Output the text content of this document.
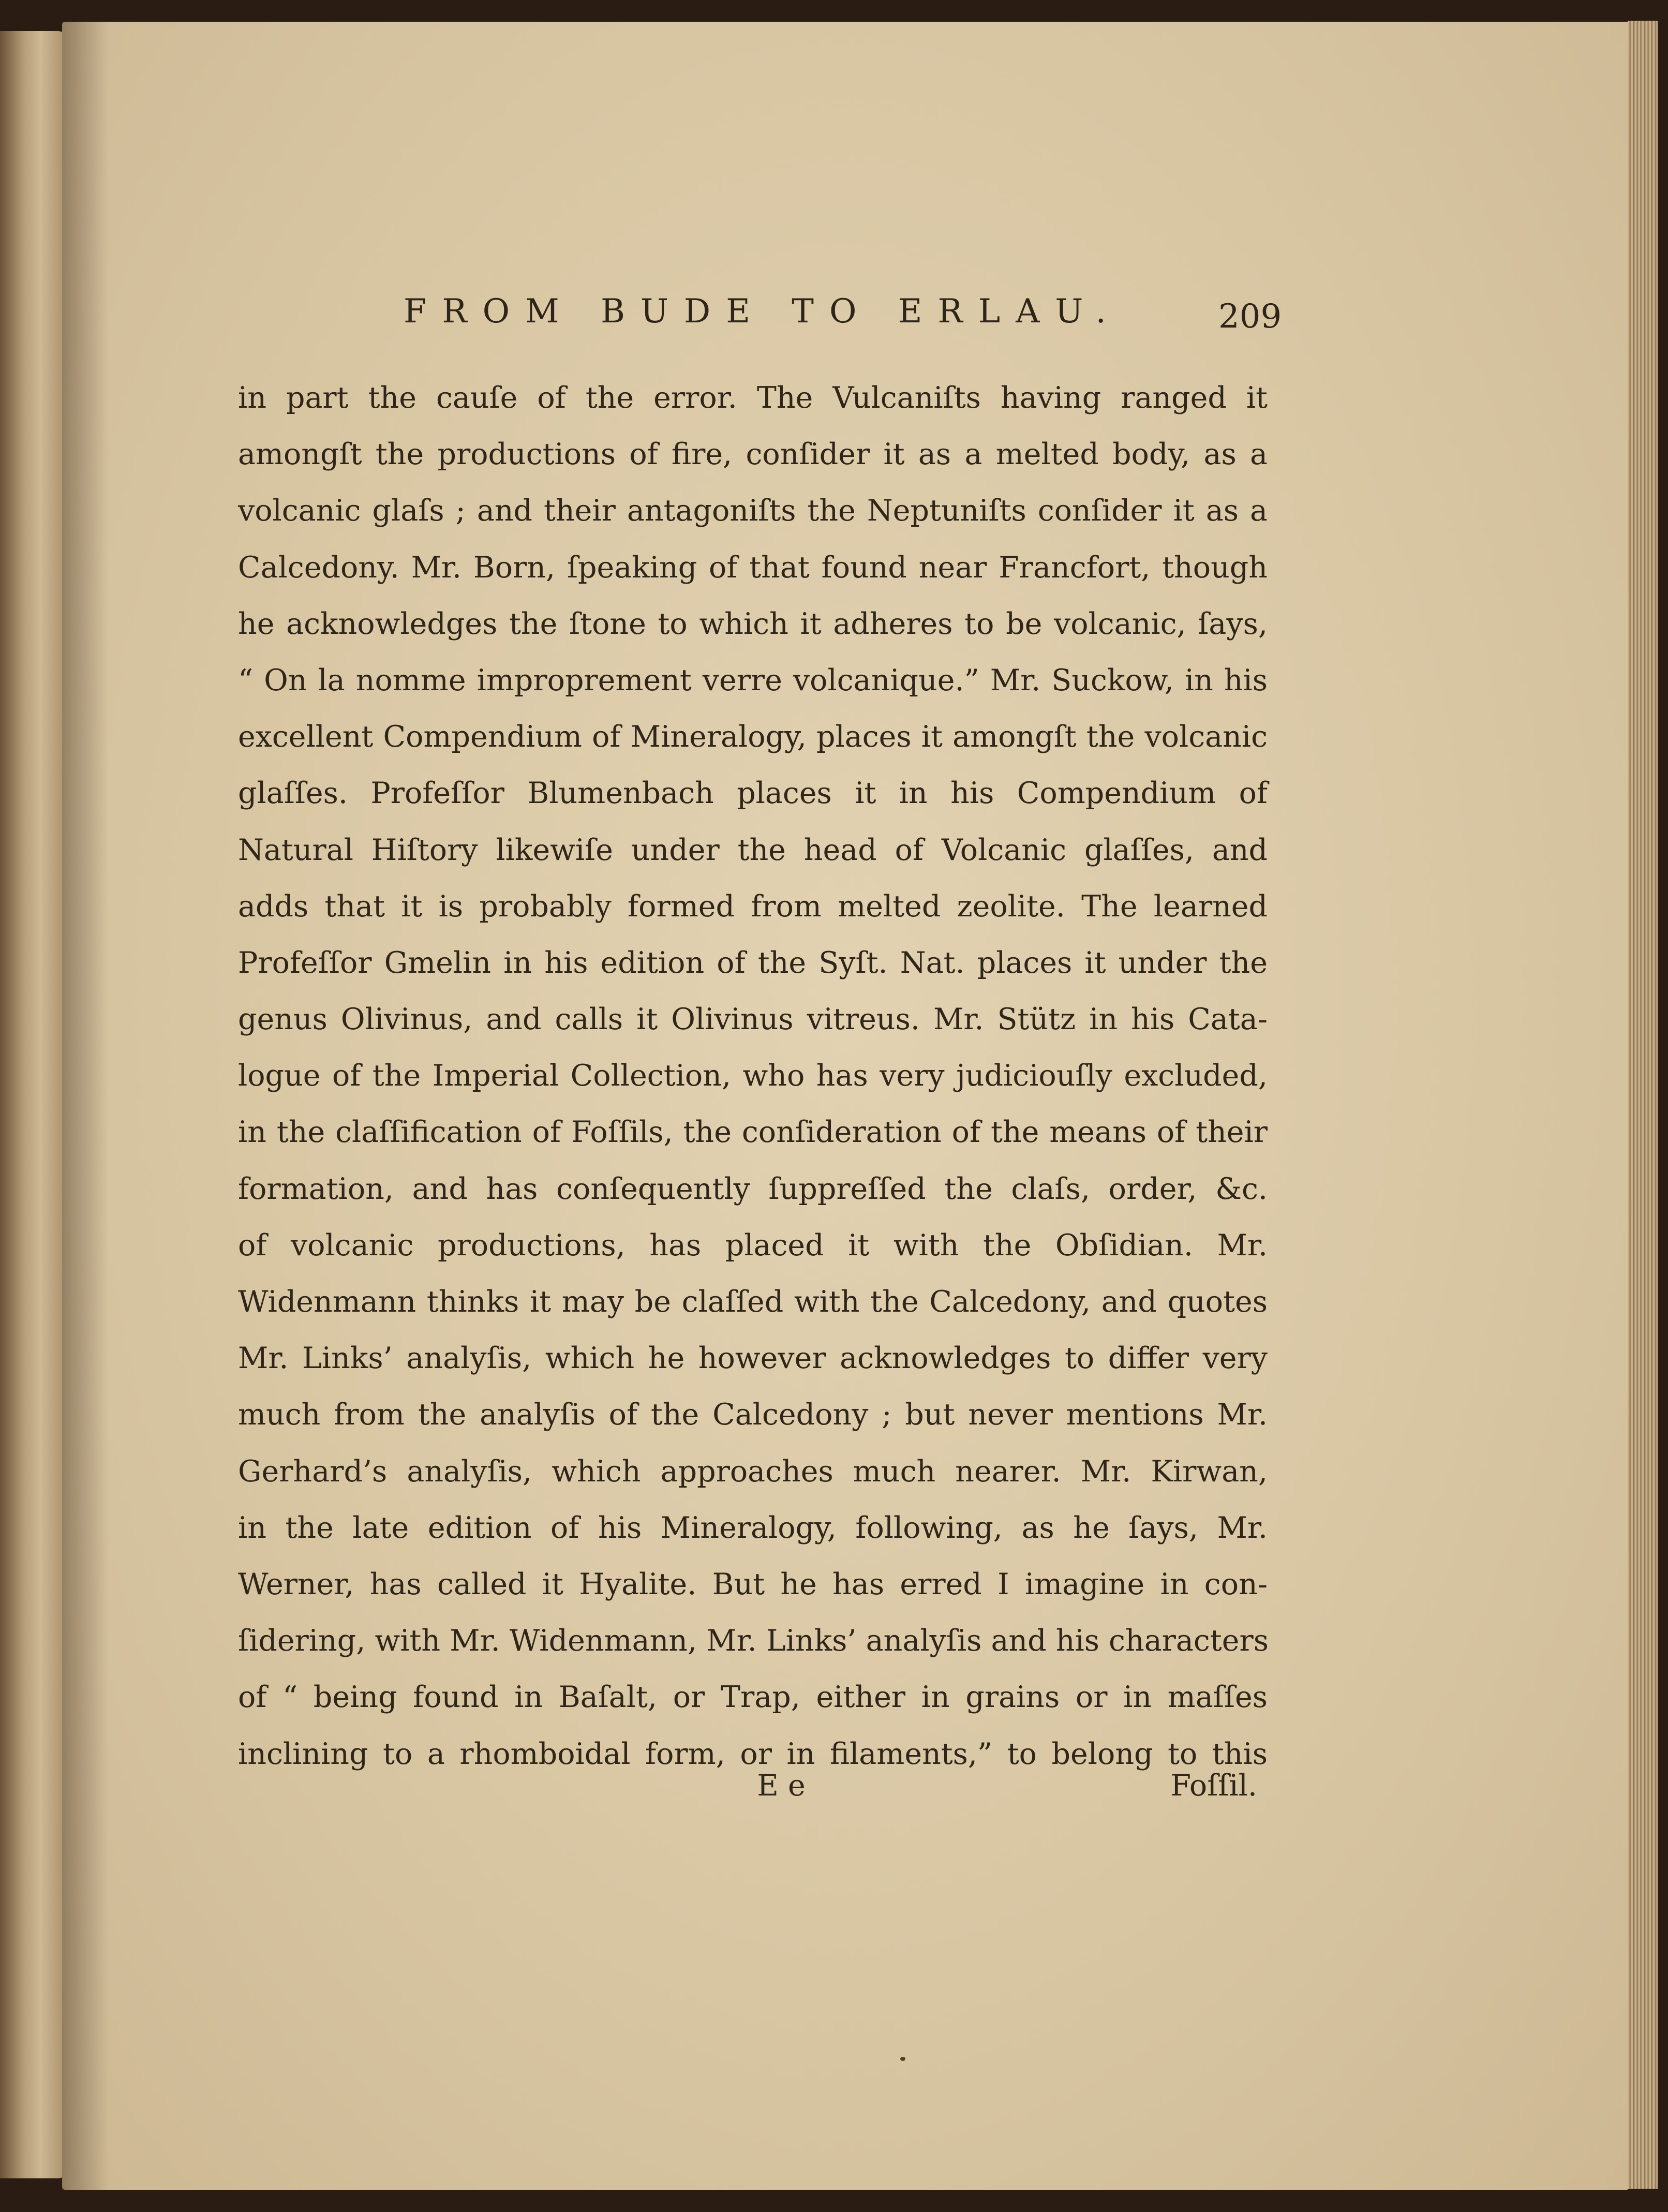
FROM BUDE TO ERLAU.	209
in part the cauſe of the error. The Vulcaniſts having ranged it
amongſt the productions of fire, conſider it as a melted body, as a
volcanic glaſs ; and their antagoniſts the Neptuniſts conſider it as a
Calcedony. Mr. Born, ſpeaking of that found near Francfort, though
he acknowledges the ſtone to which it adheres to be volcanic, ſays,
“ On la nomme improprement verre volcanique.” Mr. Suckow, in his
excellent Compendium of Mineralogy, places it amongſt the volcanic
glaſſes. Profeſſor Blumenbach places it in his Compendium of
Natural Hiſtory likewiſe under the head of Volcanic glaſſes, and
adds that it is probably formed from melted zeolite. The learned
Profeſſor Gmelin in his edition of the Syſt. Nat. places it under the
genus Olivinus, and calls it Olivinus vitreus. Mr. Stütz in his Cata-
logue of the Imperial Collection, who has very judiciouſly excluded,
in the claſſification of Foſſils, the conſideration of the means of their
formation, and has conſequently ſuppreſſed the claſs, order, &c.
of volcanic productions, has placed it with the Obſidian. Mr.
Widenmann thinks it may be claſſed with the Calcedony, and quotes
Mr. Links’ analyſis, which he however acknowledges to differ very
much from the analyſis of the Calcedony ; but never mentions Mr.
Gerhard’s analyſis, which approaches much nearer. Mr. Kirwan,
in the late edition of his Mineralogy, following, as he ſays, Mr.
Werner, has called it Hyalite. But he has erred I imagine in con-
ſidering, with Mr. Widenmann, Mr. Links’ analyſis and his characters
of “ being found in Baſalt, or Trap, either in grains or in maſſes
inclining to a rhomboidal form, or in filaments,” to belong to this
E e	Foſſil.
